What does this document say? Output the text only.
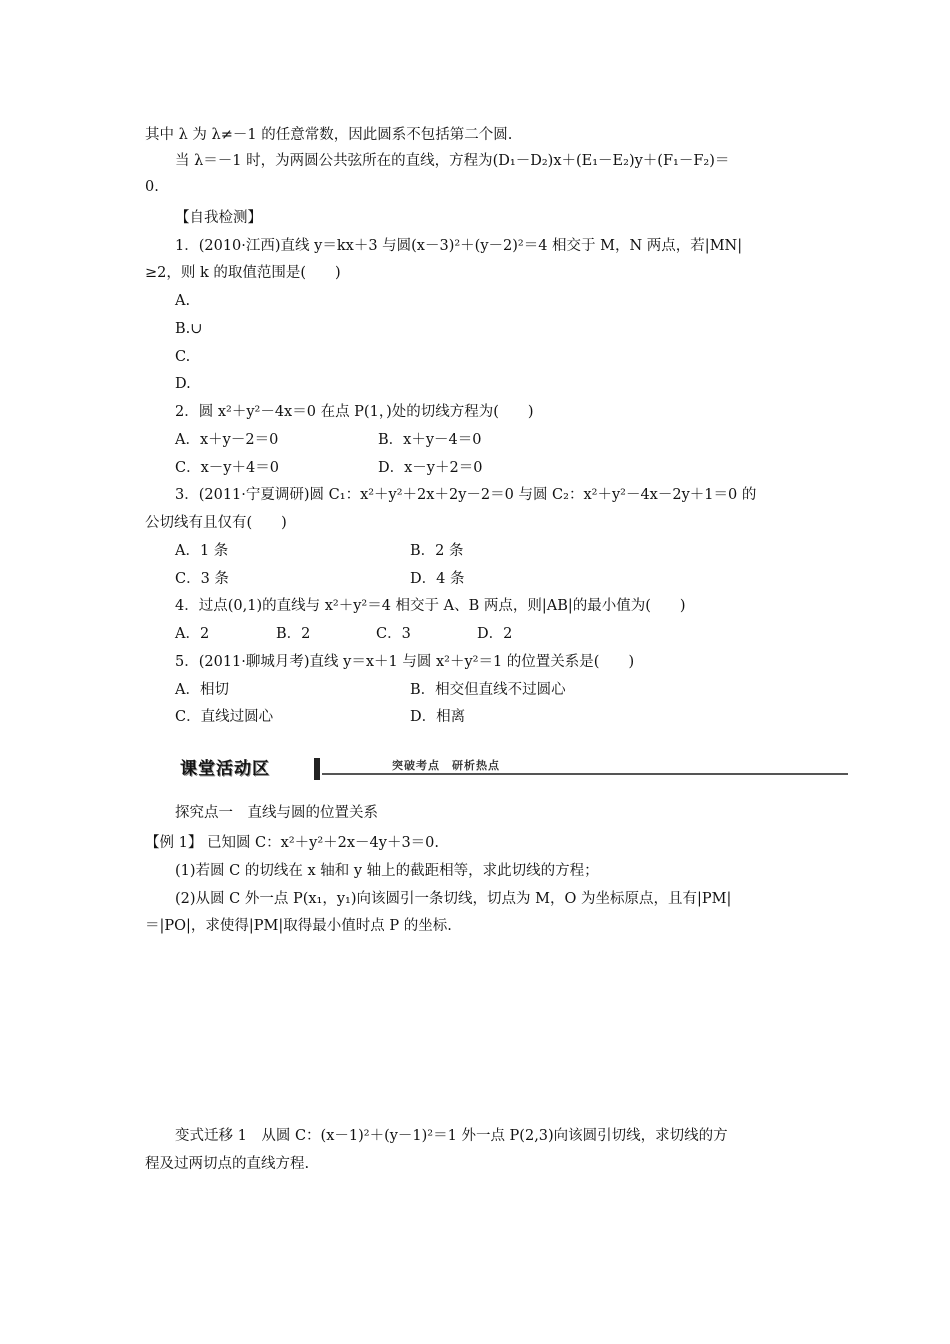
其中 λ 为 λ≠－1 的任意常数，因此圆系不包括第二个圆.
当 λ＝－1 时，为两圆公共弦所在的直线，方程为(D₁－D₂)x＋(E₁－E₂)y＋(F₁－F₂)＝
0.
【自我检测】
1．(2010·江西)直线 y＝kx＋3 与圆(x－3)²＋(y－2)²＝4 相交于 M，N 两点，若|MN|
≥2，则 k 的取值范围是(　　)
A.
B.∪
C.
D.
2．圆 x²＋y²－4x＝0 在点 P(1，)处的切线方程为(　　)
A．x＋y－2＝0	B．x＋y－4＝0
C．x－y＋4＝0	D．x－y＋2＝0
3．(2011·宁夏调研)圆 C₁：x²＋y²＋2x＋2y－2＝0 与圆 C₂：x²＋y²－4x－2y＋1＝0 的
公切线有且仅有(　　)
A．1 条	B．2 条
C．3 条	D．4 条
4．过点(0,1)的直线与 x²＋y²＝4 相交于 A、B 两点，则|AB|的最小值为(　　)
A．2	B．2	C．3	D．2
5．(2011·聊城月考)直线 y＝x＋1 与圆 x²＋y²＝1 的位置关系是(　　)
A．相切	B．相交但直线不过圆心
C．直线过圆心	D．相离
课堂活动区	突破考点　研析热点
探究点一　直线与圆的位置关系
【例 1】 已知圆 C：x²＋y²＋2x－4y＋3＝0.
(1)若圆 C 的切线在 x 轴和 y 轴上的截距相等，求此切线的方程；
(2)从圆 C 外一点 P(x₁，y₁)向该圆引一条切线，切点为 M，O 为坐标原点，且有|PM|
＝|PO|，求使得|PM|取得最小值时点 P 的坐标.
变式迁移 1　从圆 C：(x－1)²＋(y－1)²＝1 外一点 P(2,3)向该圆引切线，求切线的方
程及过两切点的直线方程.
